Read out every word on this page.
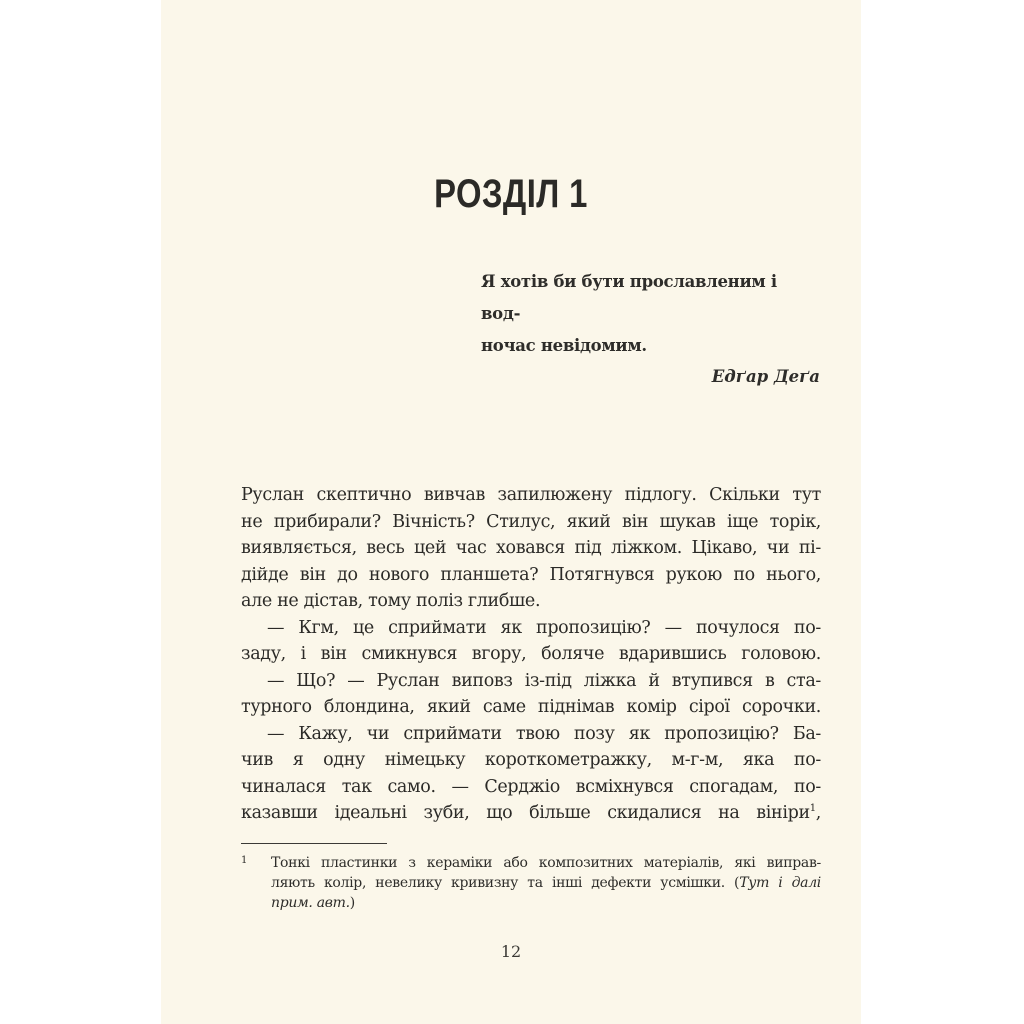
РОЗДІЛ 1
Я хотів би бути прославленим і вод-
ночас невідомим.
Едґар Деґа
Руслан скептично вивчав запилюжену підлогу. Скільки тут
не прибирали? Вічність? Стилус, який він шукав іще торік,
виявляється, весь цей час ховався під ліжком. Цікаво, чи пі-
дійде він до нового планшета? Потягнувся рукою по нього,
але не дістав, тому поліз глибше.
— Кгм, це сприймати як пропозицію? — почулося по-
заду, і він смикнувся вгору, боляче вдарившись головою.
— Що? — Руслан виповз із-під ліжка й втупився в ста-
турного блондина, який саме піднімав комір сірої сорочки.
— Кажу, чи сприймати твою позу як пропозицію? Ба-
чив я одну німецьку короткометражку, м-г-м, яка по-
чиналася так само. — Серджіо всміхнувся спогадам, по-
казавши ідеальні зуби, що більше скидалися на вініри$^1$,
1 Тонкі пластинки з кераміки або композитних матеріалів, які виправ-
ляють колір, невелику кривизну та інші дефекти усмішки. (Тут і далі
прим. авт.)
12
